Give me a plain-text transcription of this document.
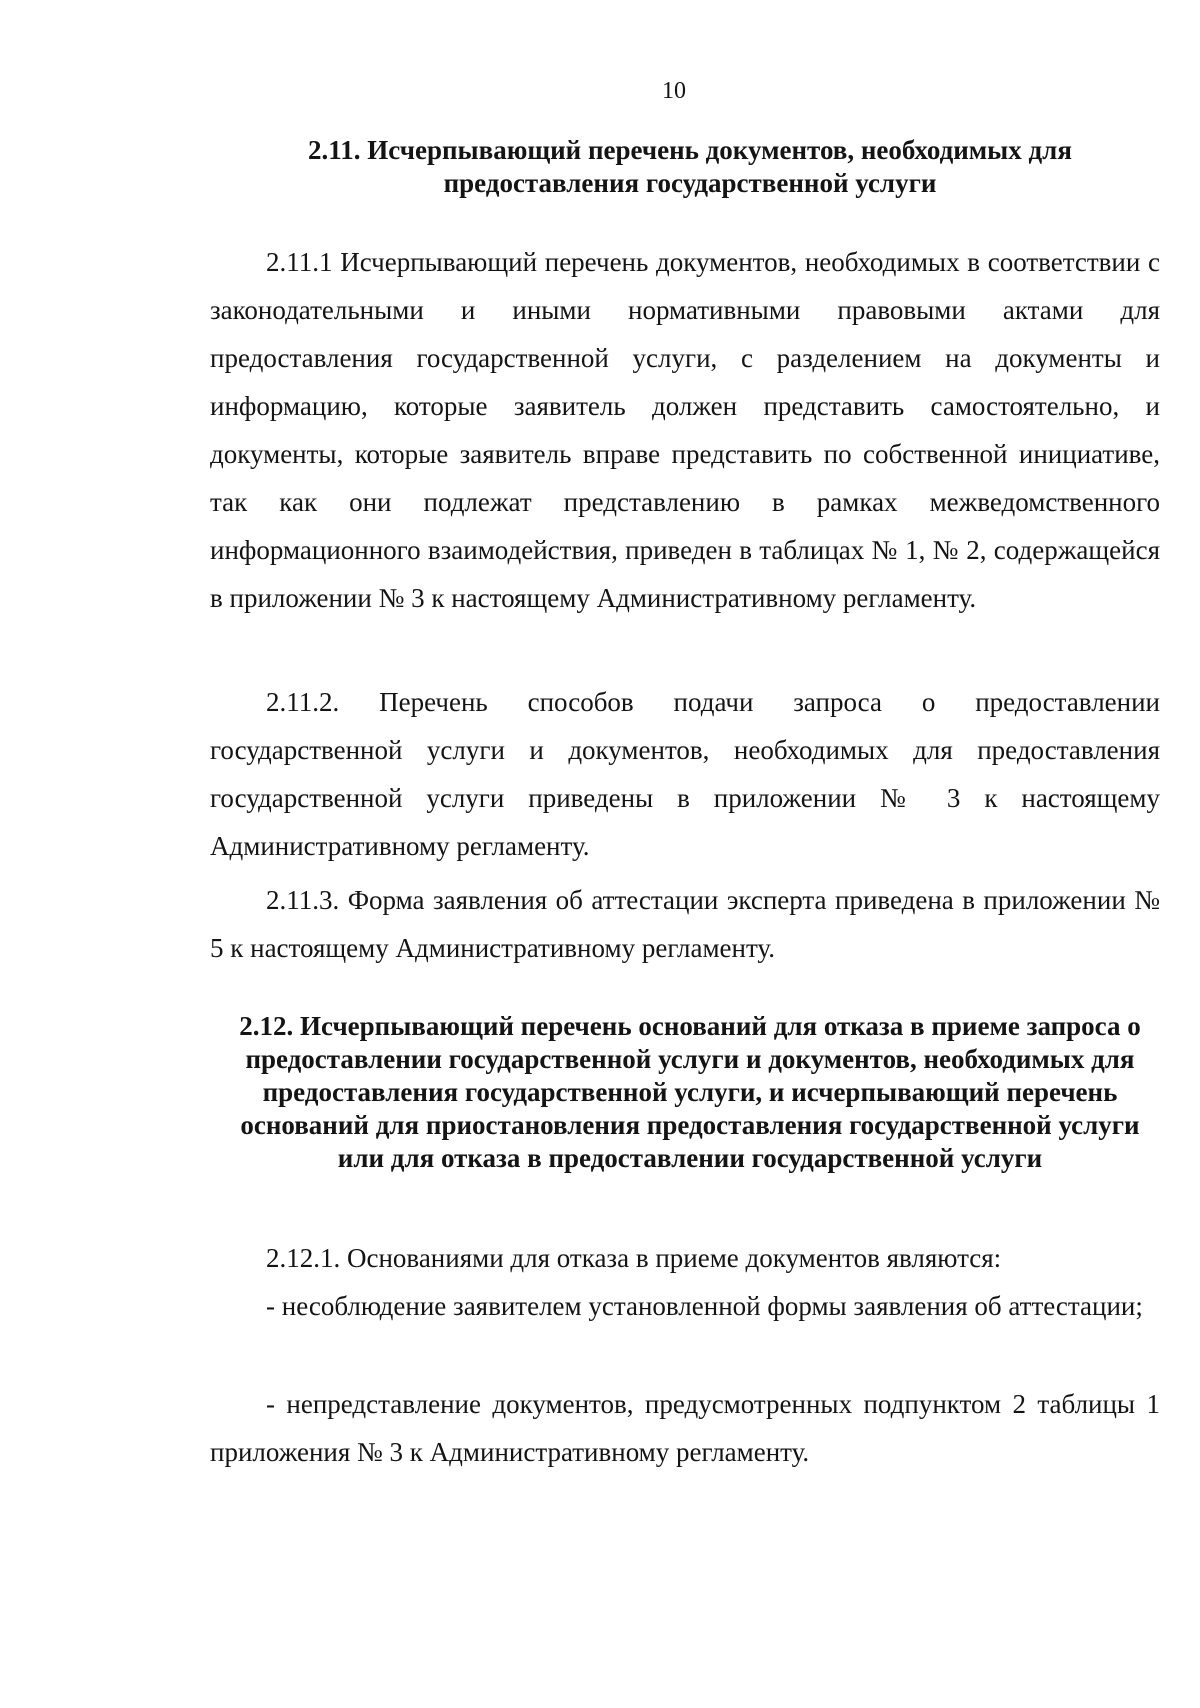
10
2.11. Исчерпывающий перечень документов, необходимых для предоставления государственной услуги

2.11.1 Исчерпывающий перечень документов, необходимых в соответствии с законодательными и иными нормативными правовыми актами для предоставления государственной услуги, с разделением на документы и информацию, которые заявитель должен представить самостоятельно, и документы, которые заявитель вправе представить по собственной инициативе, так как они подлежат представлению в рамках межведомственного информационного взаимодействия, приведен в таблицах № 1, № 2, содержащейся в приложении № 3 к настоящему Административному регламенту.

2.11.2. Перечень способов подачи запроса о предоставлении государственной услуги и документов, необходимых для предоставления государственной услуги приведены в приложении № 3 к настоящему Административному регламенту.

2.11.3. Форма заявления об аттестации эксперта приведена в приложении № 5 к настоящему Административному регламенту.

2.12. Исчерпывающий перечень оснований для отказа в приеме запроса о предоставлении государственной услуги и документов, необходимых для предоставления государственной услуги, и исчерпывающий перечень оснований для приостановления предоставления государственной услуги или для отказа в предоставлении государственной услуги

2.12.1. Основаниями для отказа в приеме документов являются:

- несоблюдение заявителем установленной формы заявления об аттестации;

- непредставление документов, предусмотренных подпунктом 2 таблицы 1 приложения № 3 к Административному регламенту.
